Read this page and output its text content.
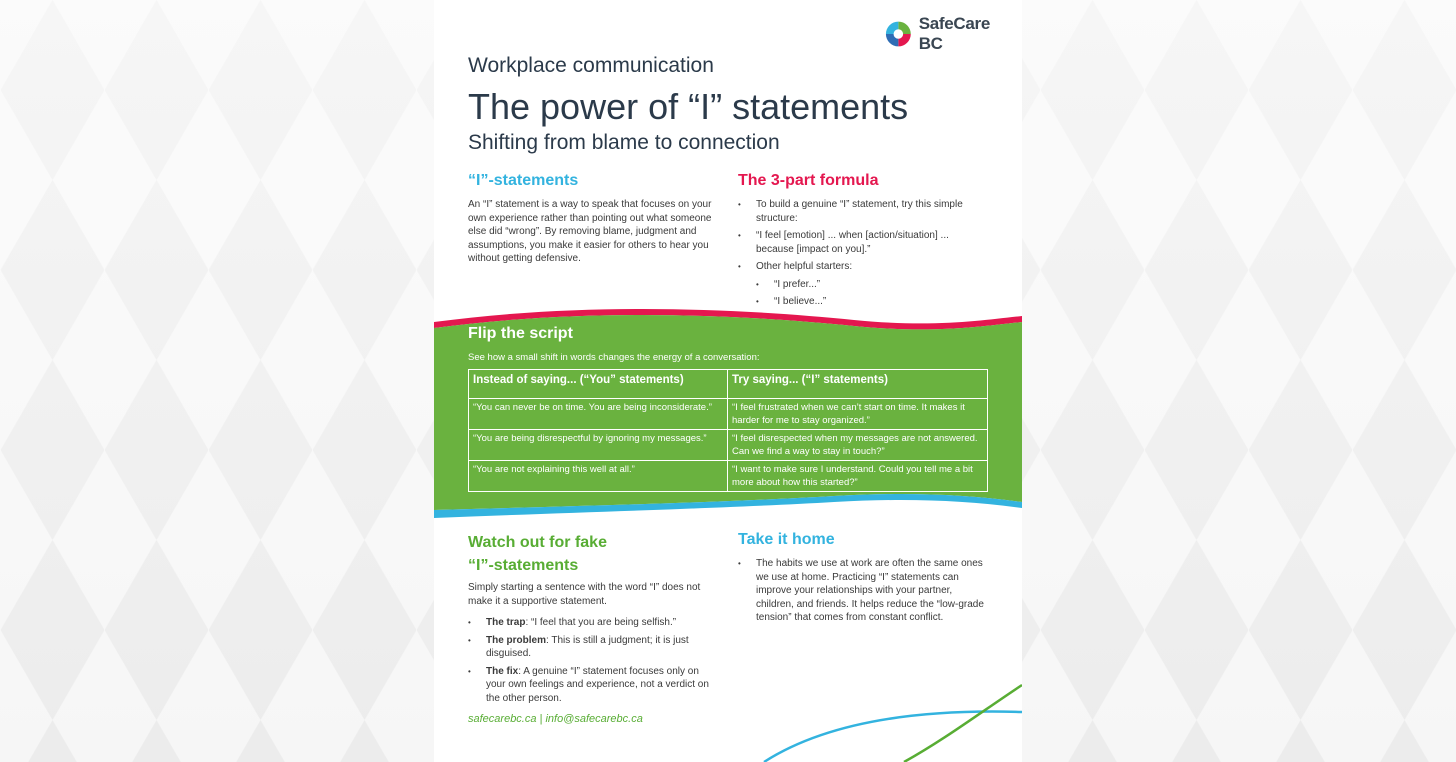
SafeCare BC
Workplace communication
The power of “I” statements
Shifting from blame to connection
“I”-statements
An “I” statement is a way to speak that focuses on your own experience rather than pointing out what someone else did “wrong”. By removing blame, judgment and assumptions, you make it easier for others to hear you without getting defensive.
The 3-part formula
• To build a genuine “I” statement, try this simple structure:
• “I feel [emotion] ... when [action/situation] ... because [impact on you].”
• Other helpful starters:
• “I prefer...”
• “I believe...”
Flip the script
See how a small shift in words changes the energy of a conversation:
Instead of saying... (“You” statements)	Try saying... (“I” statements)
“You can never be on time. You are being inconsiderate.”	“I feel frustrated when we can’t start on time. It makes it harder for me to stay organized.”
“You are being disrespectful by ignoring my messages.”	“I feel disrespected when my messages are not answered. Can we find a way to stay in touch?”
“You are not explaining this well at all.”	“I want to make sure I understand. Could you tell me a bit more about how this started?”
Watch out for fake
“I”-statements
Simply starting a sentence with the word “I” does not make it a supportive statement.
• The trap: “I feel that you are being selfish.”
• The problem: This is still a judgment; it is just disguised.
• The fix: A genuine “I” statement focuses only on your own feelings and experience, not a verdict on the other person.
Take it home
• The habits we use at work are often the same ones we use at home. Practicing “I” statements can improve your relationships with your partner, children, and friends. It helps reduce the “low-grade tension” that comes from constant conflict.
safecarebc.ca | info@safecarebc.ca
